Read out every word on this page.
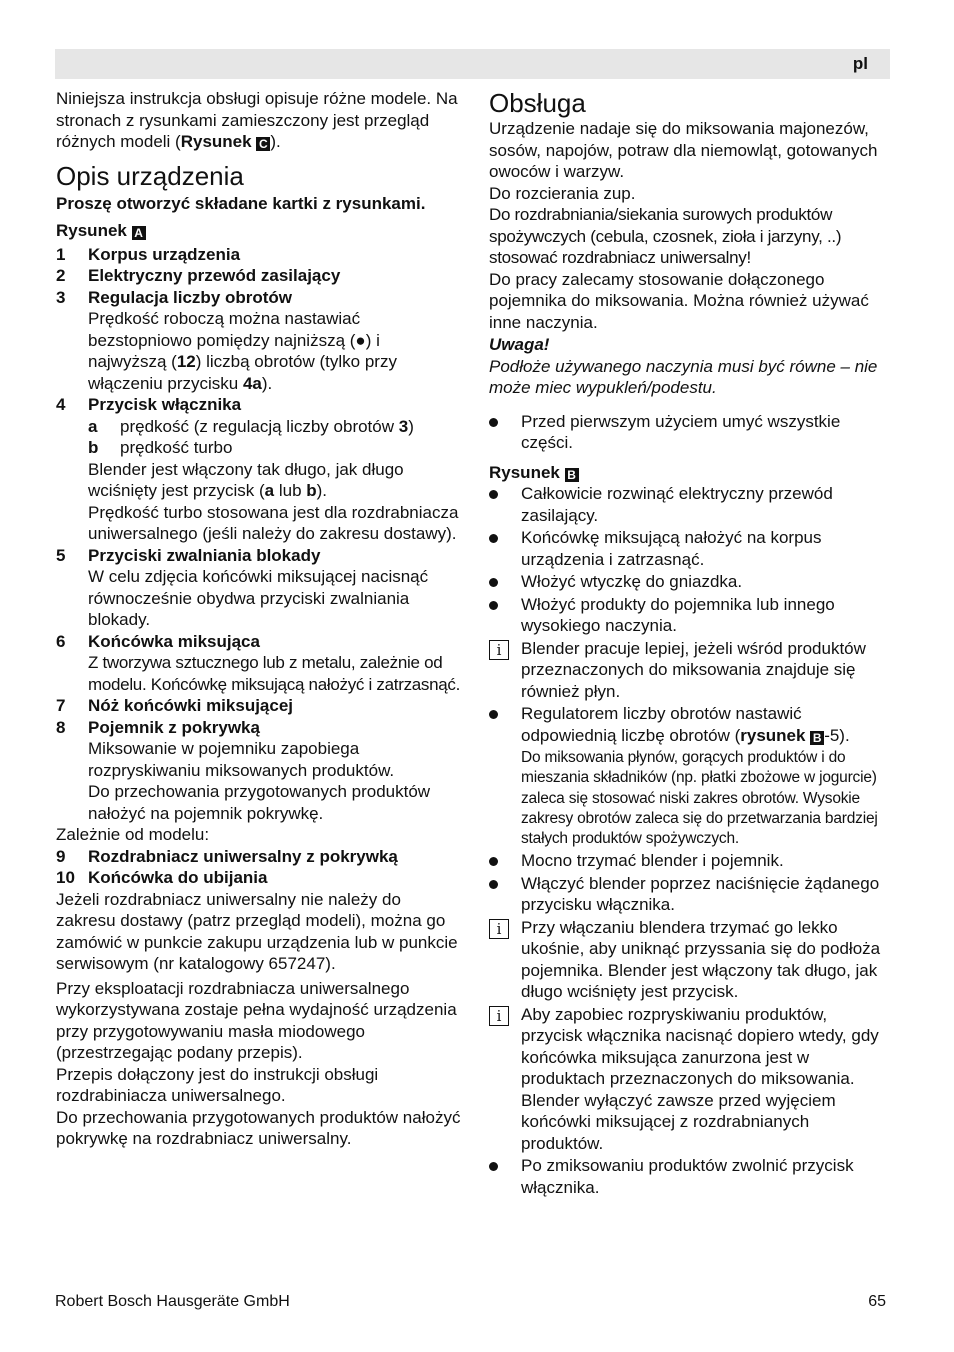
pl

Niniejsza instrukcja obsługi opisuje różne modele. Na stronach z rysunkami zamieszczony jest przegląd różnych modeli (Rysunek C ).

Opis urządzenia

Proszę otworzyć składane kartki z rysunkami.

Rysunek A

1 Korpus urządzenia
2 Elektryczny przewód zasilający
3 Regulacja liczby obrotów

Prędkość roboczą można nastawiać bezstopniowo pomiędzy najniższą (●) i najwyższą (12) liczbą obrotów (tylko przy włączeniu przycisku 4a).

4 Przycisk włącznika
a prędkość (z regulacją liczby obrotów 3)
b prędkość turbo

Blender jest włączony tak długo, jak długo wciśnięty jest przycisk (a lub b).

Prędkość turbo stosowana jest dla rozdrabniacza uniwersalnego (jeśli należy do zakresu dostawy).

5 Przyciski zwalniania blokady

W celu zdjęcia końcówki miksującej nacisnąć równocześnie obydwa przyciski zwalniania blokady.

6 Końcówka miksująca

Z tworzywa sztucznego lub z metalu, zależnie od modelu. Końcówkę miksującą nałożyć i zatrzasnąć.

7 Nóż końcówki miksującej
8 Pojemnik z pokrywką

Miksowanie w pojemniku zapobiega rozpryskiwaniu miksowanych produktów.

Do przechowania przygotowanych produktów nałożyć na pojemnik pokrywkę.

Zależnie od modelu:

9 Rozdrabniacz uniwersalny z pokrywką
10 Końcówka do ubijania

Jeżeli rozdrabniacz uniwersalny nie należy do zakresu dostawy (patrz przegląd modeli), można go zamówić w punkcie zakupu urządzenia lub w punkcie serwisowym (nr katalogowy 657247).

Przy eksploatacji rozdrabniacza uniwersalnego wykorzystywana zostaje pełna wydajność urządzenia przy przygotowywaniu masła miodowego (przestrzegając podany przepis).

Przepis dołączony jest do instrukcji obsługi rozdrabiniacza uniwersalnego.

Do przechowania przygotowanych produktów nałożyć pokrywkę na rozdrabniacz uniwersalny.

Obsługa

Urządzenie nadaje się do miksowania majonezów, sosów, napojów, potraw dla niemowląt, gotowanych owoców i warzyw.

Do rozcierania zup.

Do rozdrabniania/siekania surowych produktów spożywczych (cebula, czosnek, zioła i jarzyny, ..) stosować rozdrabniacz uniwersalny!

Do pracy zalecamy stosowanie dołączonego pojemnika do miksowania. Można również używać inne naczynia.

Uwaga!

Podłoże używanego naczynia musi być równe – nie może miec wypukleń/podestu.

Przed pierwszym użyciem umyć wszystkie części.

Rysunek B

Całkowicie rozwinąć elektryczny przewód zasilający.
Końcówkę miksującą nałożyć na korpus urządzenia i zatrzasnąć.
Włożyć wtyczkę do gniazdka.
Włożyć produkty do pojemnika lub innego wysokiego naczynia.
i	Blender pracuje lepiej, jeżeli wśród produktów przeznaczonych do miksowania znajduje się również płyn.
Regulatorem liczby obrotów nastawić odpowiednią liczbę obrotów (rysunek B -5).

Do miksowania płynów, gorących produktów i do mieszania składników (np. płatki zbożowe w jogurcie) zaleca się stosować niski zakres obrotów. Wysokie zakresy obrotów zaleca się do przetwarzania bardziej stałych produktów spożywczych.

Mocno trzymać blender i pojemnik.
Włączyć blender poprzez naciśnięcie żądanego przycisku włącznika.
i	Przy włączaniu blendera trzymać go lekko ukośnie, aby uniknąć przyssania się do podłoża pojemnika. Blender jest włączony tak długo, jak długo wciśnięty jest przycisk.
i	Aby zapobiec rozpryskiwaniu produktów, przycisk włącznika nacisnąć dopiero wtedy, gdy końcówka miksująca zanurzona jest w produktach przeznaczonych do miksowania.

Blender wyłączyć zawsze przed wyjęciem końcówki miksującej z rozdrabnianych produktów.

Po zmiksowaniu produktów zwolnić przycisk włącznika.
Robert Bosch Hausgeräte GmbH	65
